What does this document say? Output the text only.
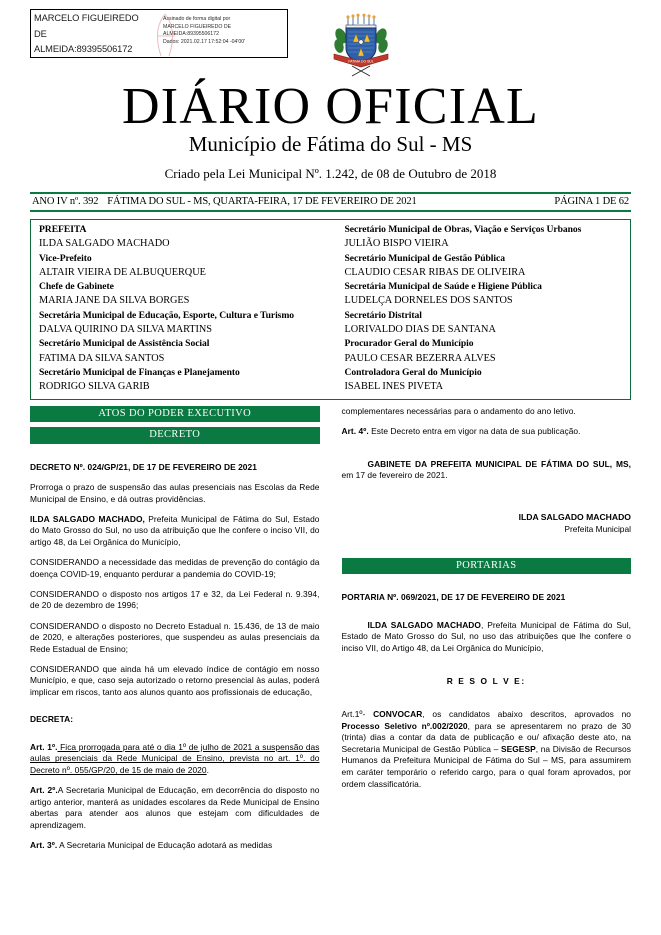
MARCELO FIGUEIREDO
DE
ALMEIDA:89395506172
Assinado de forma digital por
MARCELO FIGUEIREDO DE
ALMEIDA:89395506172
Dados: 2021.02.17 17:52:04 -04'00'
FATIMA DO SUL
DIÁRIO OFICIAL
Município de Fátima do Sul - MS
Criado pela Lei Municipal Nº. 1.242, de 08 de Outubro de 2018
ANO IV nº. 392 FÁTIMA DO SUL - MS, QUARTA-FEIRA, 17 DE FEVEREIRO DE 2021	PÁGINA 1 DE 62
PREFEITA
ILDA SALGADO MACHADO
Vice-Prefeito
ALTAIR VIEIRA DE ALBUQUERQUE
Chefe de Gabinete
MARIA JANE DA SILVA BORGES
Secretária Municipal de Educação, Esporte, Cultura e Turismo
DALVA QUIRINO DA SILVA MARTINS
Secretário Municipal de Assistência Social
FATIMA DA SILVA SANTOS
Secretário Municipal de Finanças e Planejamento
RODRIGO SILVA GARIB
Secretário Municipal de Obras, Viação e Serviços Urbanos
JULIÃO BISPO VIEIRA
Secretário Municipal de Gestão Pública
CLAUDIO CESAR RIBAS DE OLIVEIRA
Secretária Municipal de Saúde e Higiene Pública
LUDELÇA DORNELES DOS SANTOS
Secretário Distrital
LORIVALDO DIAS DE SANTANA
Procurador Geral do Município
PAULO CESAR BEZERRA ALVES
Controladora Geral do Município
ISABEL INES PIVETA
ATOS DO PODER EXECUTIVO
DECRETO

DECRETO Nº. 024/GP/21, DE 17 DE FEVEREIRO DE 2021

Prorroga o prazo de suspensão das aulas presenciais nas Escolas da Rede Municipal de Ensino, e dá outras providências.

ILDA SALGADO MACHADO, Prefeita Municipal de Fátima do Sul, Estado do Mato Grosso do Sul, no uso da atribuição que lhe confere o inciso VII, do artigo 48, da Lei Orgânica do Município,

CONSIDERANDO a necessidade das medidas de prevenção do contágio da doença COVID-19, enquanto perdurar a pandemia do COVID-19;

CONSIDERANDO o disposto nos artigos 17 e 32, da Lei Federal n. 9.394, de 20 de dezembro de 1996;

CONSIDERANDO o disposto no Decreto Estadual n. 15.436, de 13 de maio de 2020, e alterações posteriores, que suspendeu as aulas presenciais da Rede Estadual de Ensino;

CONSIDERANDO que ainda há um elevado índice de contágio em nosso Município, e que, caso seja autorizado o retorno presencial às aulas, poderá implicar em riscos, tanto aos alunos quanto aos profissionais de educação,

DECRETA:

Art. 1º. Fica prorrogada para até o dia 1º de julho de 2021 a suspensão das aulas presenciais da Rede Municipal de Ensino, prevista no art. 1º. do Decreto nº. 055/GP/20, de 15 de maio de 2020.

Art. 2º.A Secretaria Municipal de Educação, em decorrência do disposto no artigo anterior, manterá as unidades escolares da Rede Municipal de Ensino abertas para atender aos alunos que estejam com dificuldades de aprendizagem.

Art. 3º. A Secretaria Municipal de Educação adotará as medidas

complementares necessárias para o andamento do ano letivo.

Art. 4º. Este Decreto entra em vigor na data de sua publicação.

GABINETE DA PREFEITA MUNICIPAL DE FÁTIMA DO SUL, MS, em 17 de fevereiro de 2021.

ILDA SALGADO MACHADO
Prefeita Municipal
PORTARIAS

PORTARIA Nº. 069/2021, DE 17 DE FEVEREIRO DE 2021

ILDA SALGADO MACHADO, Prefeita Municipal de Fátima do Sul, Estado de Mato Grosso do Sul, no uso das atribuições que lhe confere o inciso VII, do Artigo 48, da Lei Orgânica do Município,

R E S O L V E:

Art.1º- CONVOCAR, os candidatos abaixo descritos, aprovados no Processo Seletivo nº.002/2020, para se apresentarem no prazo de 30 (trinta) dias a contar da data de publicação e ou/ afixação deste ato, na Secretaria Municipal de Gestão Pública – SEGESP, na Divisão de Recursos Humanos da Prefeitura Municipal de Fátima do Sul – MS, para assumirem em caráter temporário o referido cargo, para o qual foram aprovados, por ordem classificatória.
